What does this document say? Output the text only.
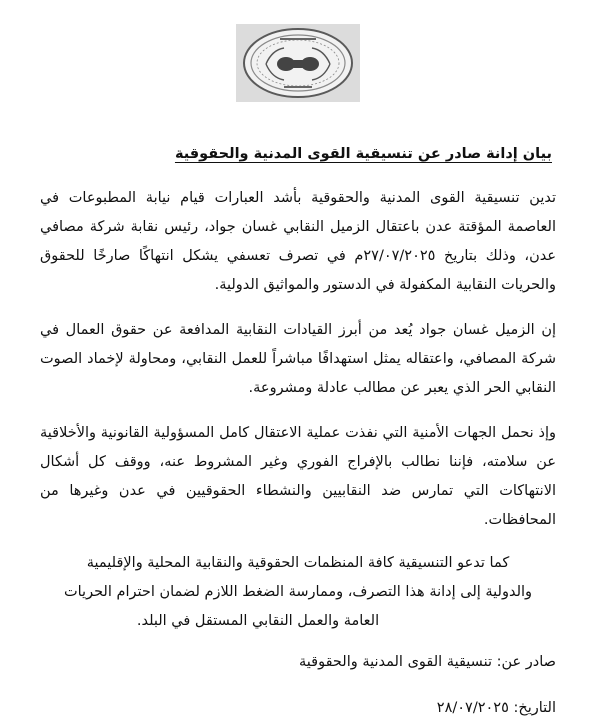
بيان إدانة صادر عن تنسيقية القوى المدنية والحقوقية

تدين تنسيقية القوى المدنية والحقوقية بأشد العبارات قيام نيابة المطبوعات في العاصمة المؤقتة عدن باعتقال الزميل النقابي غسان جواد، رئيس نقابة شركة مصافي عدن، وذلك بتاريخ ٢٧/٠٧/٢٠٢٥م في تصرف تعسفي يشكل انتهاكًا صارخًا للحقوق والحريات النقابية المكفولة في الدستور والمواثيق الدولية.

إن الزميل غسان جواد يُعد من أبرز القيادات النقابية المدافعة عن حقوق العمال في شركة المصافي، واعتقاله يمثل استهدافًا مباشراً للعمل النقابي، ومحاولة لإخماد الصوت النقابي الحر الذي يعبر عن مطالب عادلة ومشروعة.

وإذ نحمل الجهات الأمنية التي نفذت عملية الاعتقال كامل المسؤولية القانونية والأخلاقية عن سلامته، فإننا نطالب بالإفراج الفوري وغير المشروط عنه، ووقف كل أشكال الانتهاكات التي تمارس ضد النقابيين والنشطاء الحقوقيين في عدن وغيرها من المحافظات.

كما تدعو التنسيقية كافة المنظمات الحقوقية والنقابية المحلية والإقليمية
والدولية إلى إدانة هذا التصرف، وممارسة الضغط اللازم لضمان احترام الحريات
العامة والعمل النقابي المستقل في البلد.

صادر عن: تنسيقية القوى المدنية والحقوقية
التاريخ: ٢٨/٠٧/٢٠٢٥
